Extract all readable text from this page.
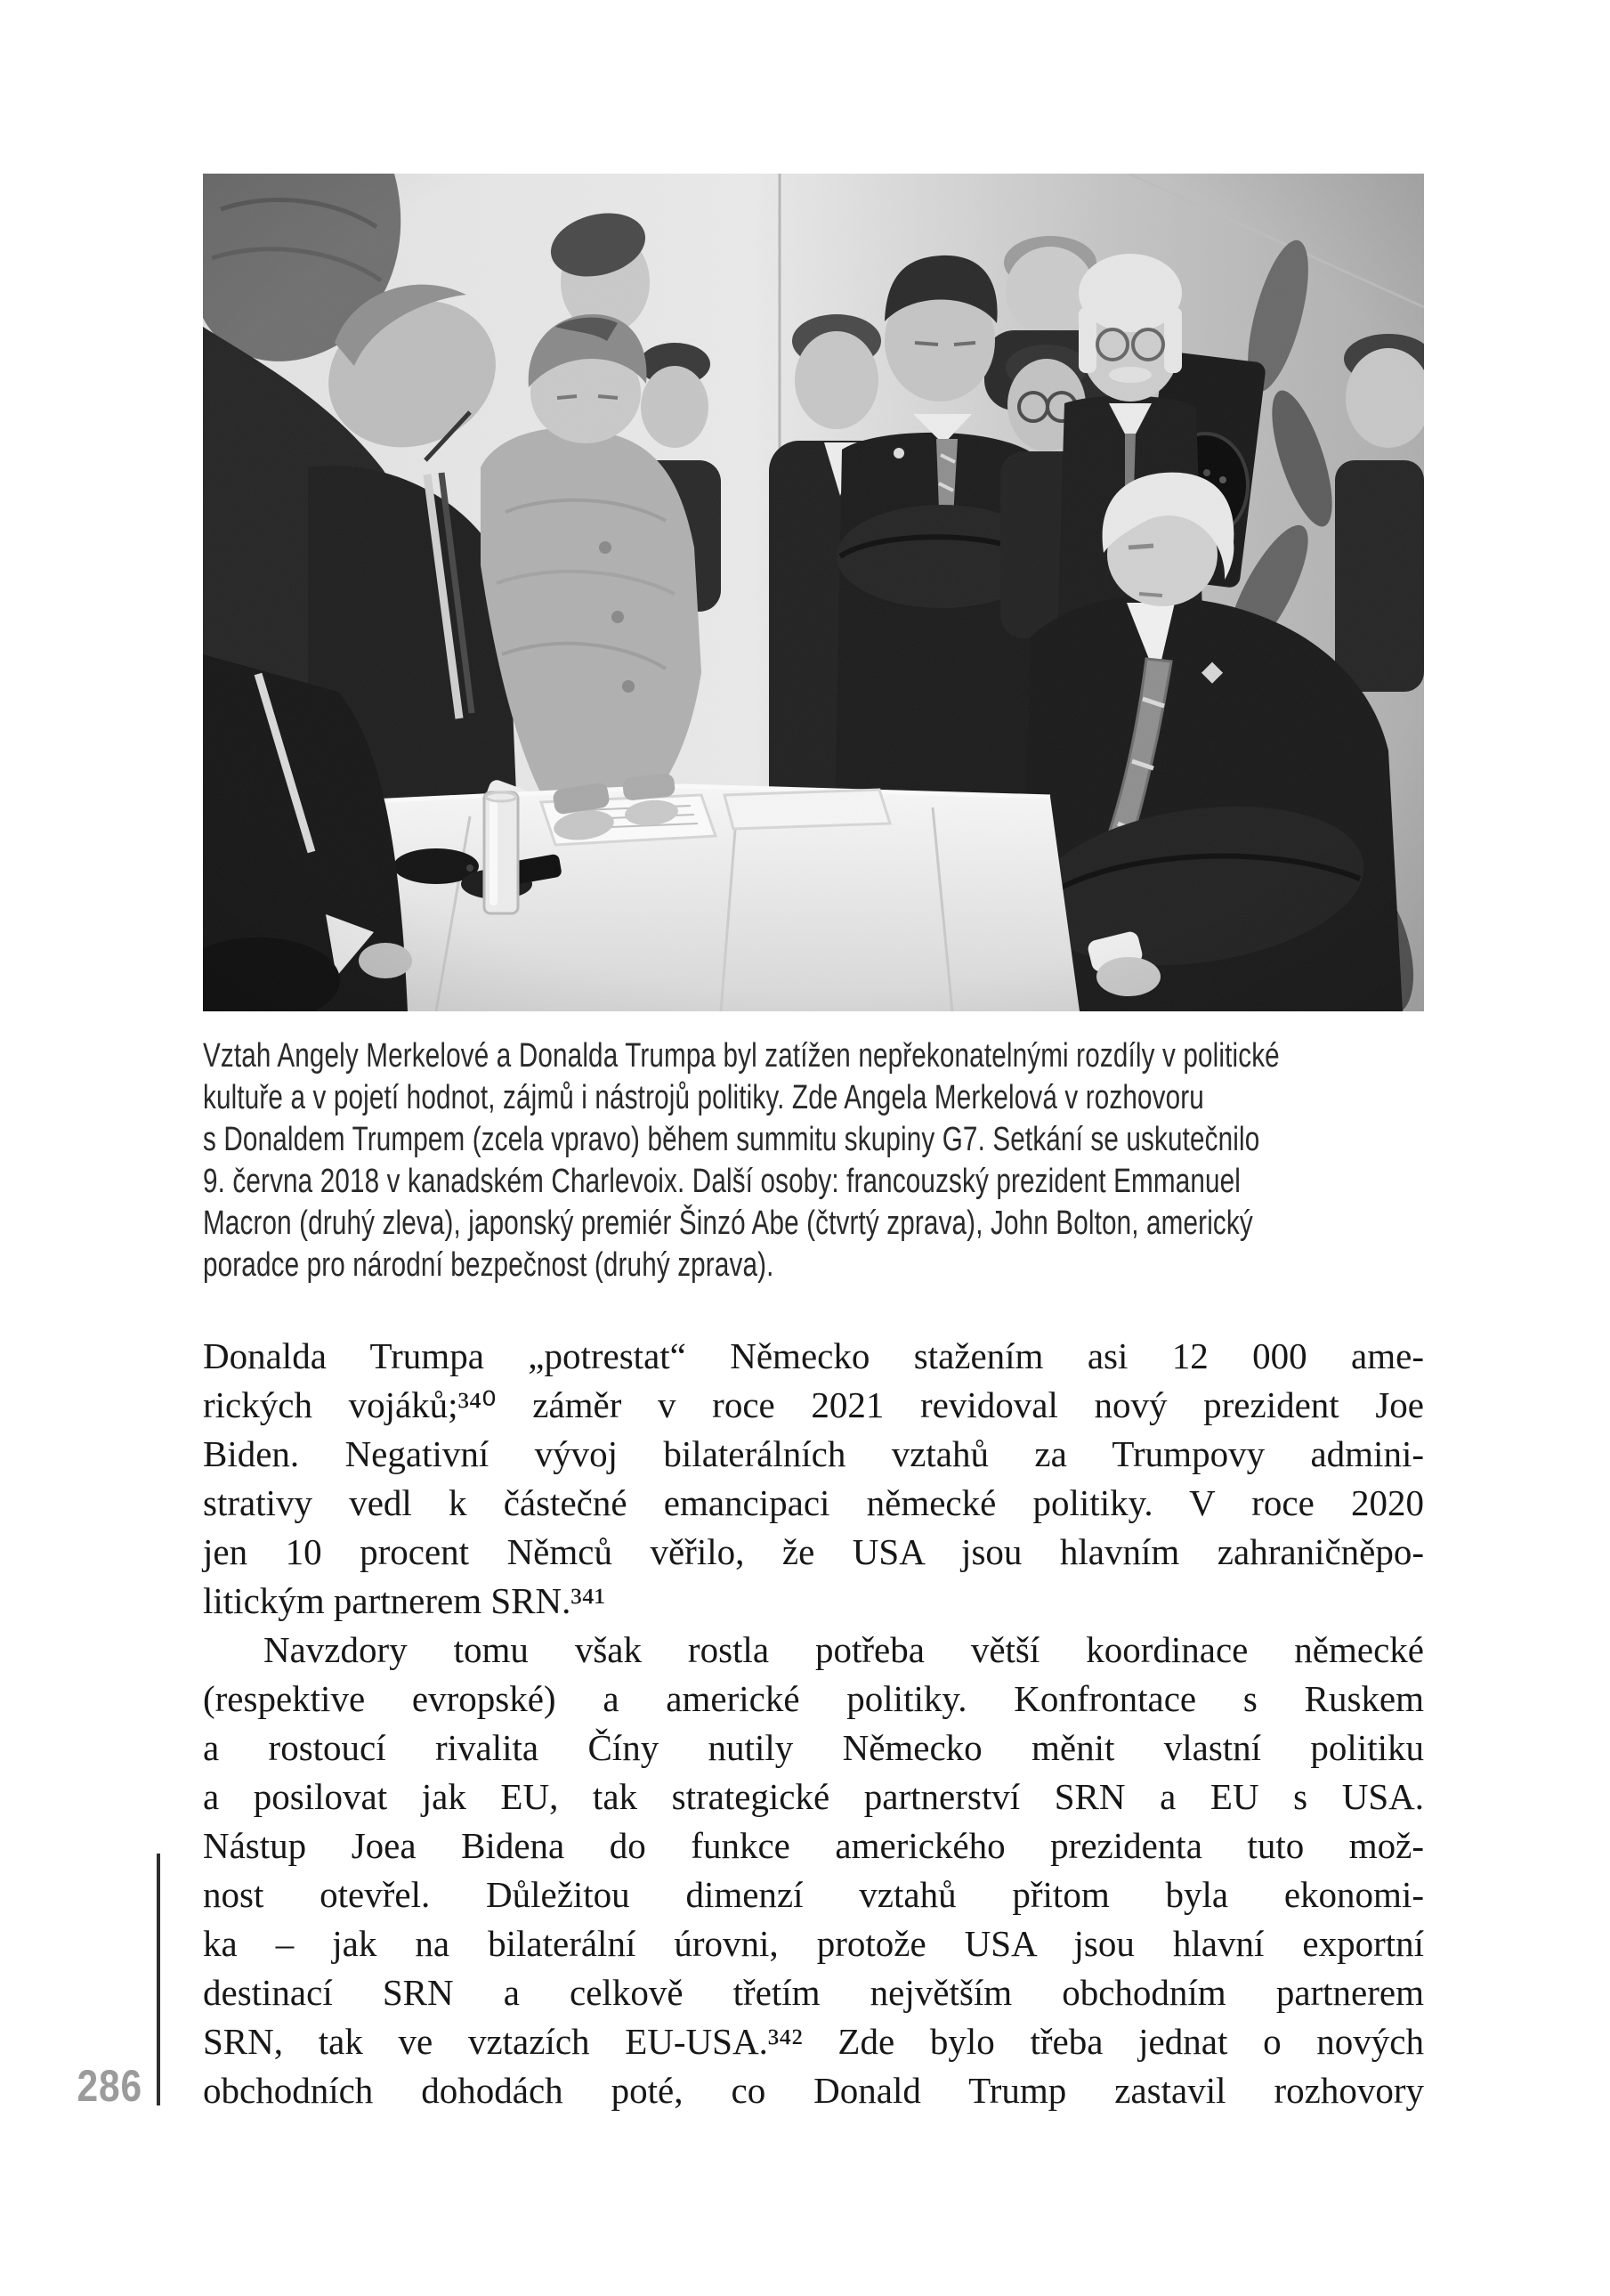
Vztah Angely Merkelové a Donalda Trumpa byl zatížen nepřekonatelnými rozdíly v politické
kultuře a v pojetí hodnot, zájmů i nástrojů politiky. Zde Angela Merkelová v rozhovoru
s Donaldem Trumpem (zcela vpravo) během summitu skupiny G7. Setkání se uskutečnilo
9. června 2018 v kanadském Charlevoix. Další osoby: francouzský prezident Emmanuel
Macron (druhý zleva), japonský premiér Šinzó Abe (čtvrtý zprava), John Bolton, americký
poradce pro národní bezpečnost (druhý zprava).
Donalda Trumpa „potrestat“ Německo stažením asi 12 000 ame-
rických vojáků;³⁴⁰ záměr v roce 2021 revidoval nový prezident Joe
Biden. Negativní vývoj bilaterálních vztahů za Trumpovy admini-
strativy vedl k částečné emancipaci německé politiky. V roce 2020
jen 10 procent Němců věřilo, že USA jsou hlavním zahraničněpo-
litickým partnerem SRN.³⁴¹
Navzdory tomu však rostla potřeba větší koordinace německé
(respektive evropské) a americké politiky. Konfrontace s Ruskem
a rostoucí rivalita Číny nutily Německo měnit vlastní politiku
a posilovat jak EU, tak strategické partnerství SRN a EU s USA.
Nástup Joea Bidena do funkce amerického prezidenta tuto mož-
nost otevřel. Důležitou dimenzí vztahů přitom byla ekonomi-
ka – jak na bilaterální úrovni, protože USA jsou hlavní exportní
destinací SRN a celkově třetím největším obchodním partnerem
SRN, tak ve vztazích EU-USA.³⁴² Zde bylo třeba jednat o nových
obchodních dohodách poté, co Donald Trump zastavil rozhovory
286
